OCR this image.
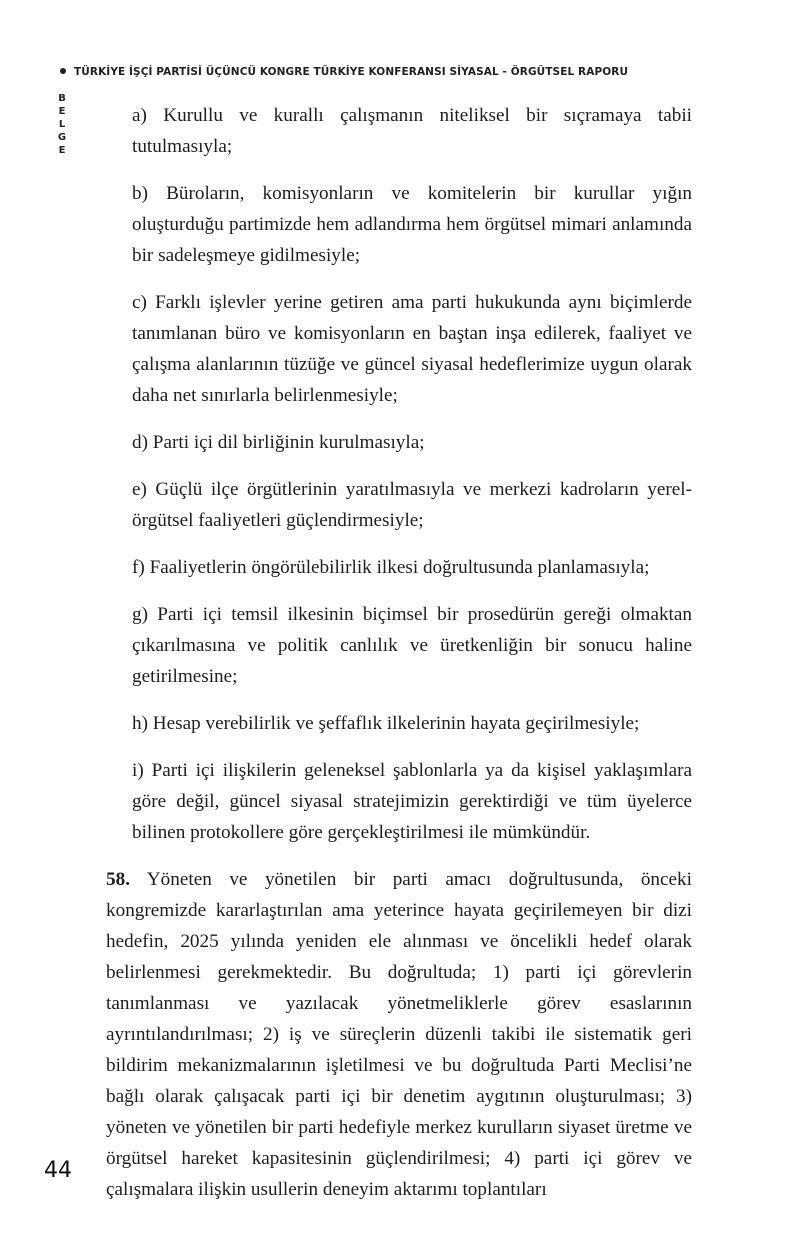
TÜRKİYE İŞÇİ PARTİSİ ÜÇÜNCÜ KONGRE TÜRKİYE KONFERANSI SİYASAL - ÖRGÜTSEL RAPORU
B
E
L
G
E

a) Kurullu ve kurallı çalışmanın niteliksel bir sıçramaya tabii tutulmasıyla;

b) Büroların, komisyonların ve komitelerin bir kurullar yığın oluşturduğu partimizde hem adlandırma hem örgütsel mimari anlamında bir sadeleşmeye gidilmesiyle;

c) Farklı işlevler yerine getiren ama parti hukukunda aynı biçimlerde tanımlanan büro ve komisyonların en baştan inşa edilerek, faaliyet ve çalışma alanlarının tüzüğe ve güncel siyasal hedeflerimize uygun olarak daha net sınırlarla belirlenmesiyle;

d) Parti içi dil birliğinin kurulmasıyla;

e) Güçlü ilçe örgütlerinin yaratılmasıyla ve merkezi kadroların yerel-örgütsel faaliyetleri güçlendirmesiyle;

f) Faaliyetlerin öngörülebilirlik ilkesi doğrultusunda planlamasıyla;

g) Parti içi temsil ilkesinin biçimsel bir prosedürün gereği olmaktan çıkarılmasına ve politik canlılık ve üretkenliğin bir sonucu haline getirilmesine;

h) Hesap verebilirlik ve şeffaflık ilkelerinin hayata geçirilmesiyle;

i) Parti içi ilişkilerin geleneksel şablonlarla ya da kişisel yaklaşımlara göre değil, güncel siyasal stratejimizin gerektirdiği ve tüm üyelerce bilinen protokollere göre gerçekleştirilmesi ile mümkündür.

58. Yöneten ve yönetilen bir parti amacı doğrultusunda, önceki kongremizde kararlaştırılan ama yeterince hayata geçirilemeyen bir dizi hedefin, 2025 yılında yeniden ele alınması ve öncelikli hedef olarak belirlenmesi gerekmektedir. Bu doğrultuda; 1) parti içi görevlerin tanımlanması ve yazılacak yönetmeliklerle görev esaslarının ayrıntılandırılması; 2) iş ve süreçlerin düzenli takibi ile sistematik geri bildirim mekanizmalarının işletilmesi ve bu doğrultuda Parti Meclisi’ne bağlı olarak çalışacak parti içi bir denetim aygıtının oluşturulması; 3) yöneten ve yönetilen bir parti hedefiyle merkez kurulların siyaset üretme ve örgütsel hareket kapasitesinin güçlendirilmesi; 4) parti içi görev ve çalışmalara ilişkin usullerin deneyim aktarımı toplantıları

44
